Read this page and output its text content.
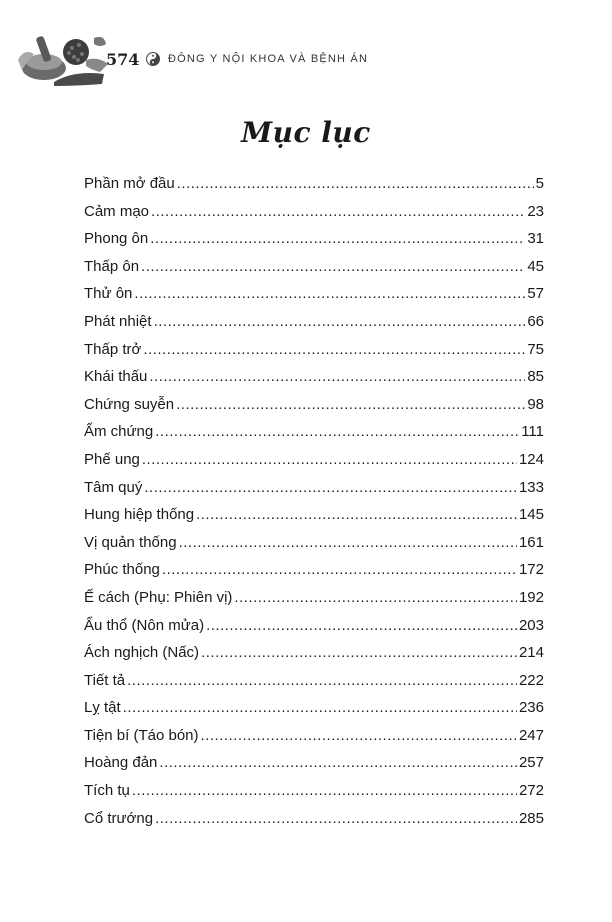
574	ĐÔNG Y NỘI KHOA VÀ BỆNH ÁN
Mục lục
Phần mở đầu .....	5
Cảm mạo .....	23
Phong ôn .....	31
Thấp ôn .....	45
Thử ôn .....	57
Phát nhiệt .....	66
Thấp trở .....	75
Khái thấu .....	85
Chứng suyễn .....	98
Ẩm chứng .....	111
Phế ung .....	124
Tâm quý .....	133
Hung hiệp thống .....	145
Vị quản thống .....	161
Phúc thống .....	172
Ế cách (Phụ: Phiên vị) .....	192
Ẩu thổ (Nôn mửa) .....	203
Ách nghịch (Nấc) .....	214
Tiết tả .....	222
Lỵ tật .....	236
Tiện bí (Táo bón) .....	247
Hoàng đản .....	257
Tích tụ .....	272
Cổ trướng .....	285
